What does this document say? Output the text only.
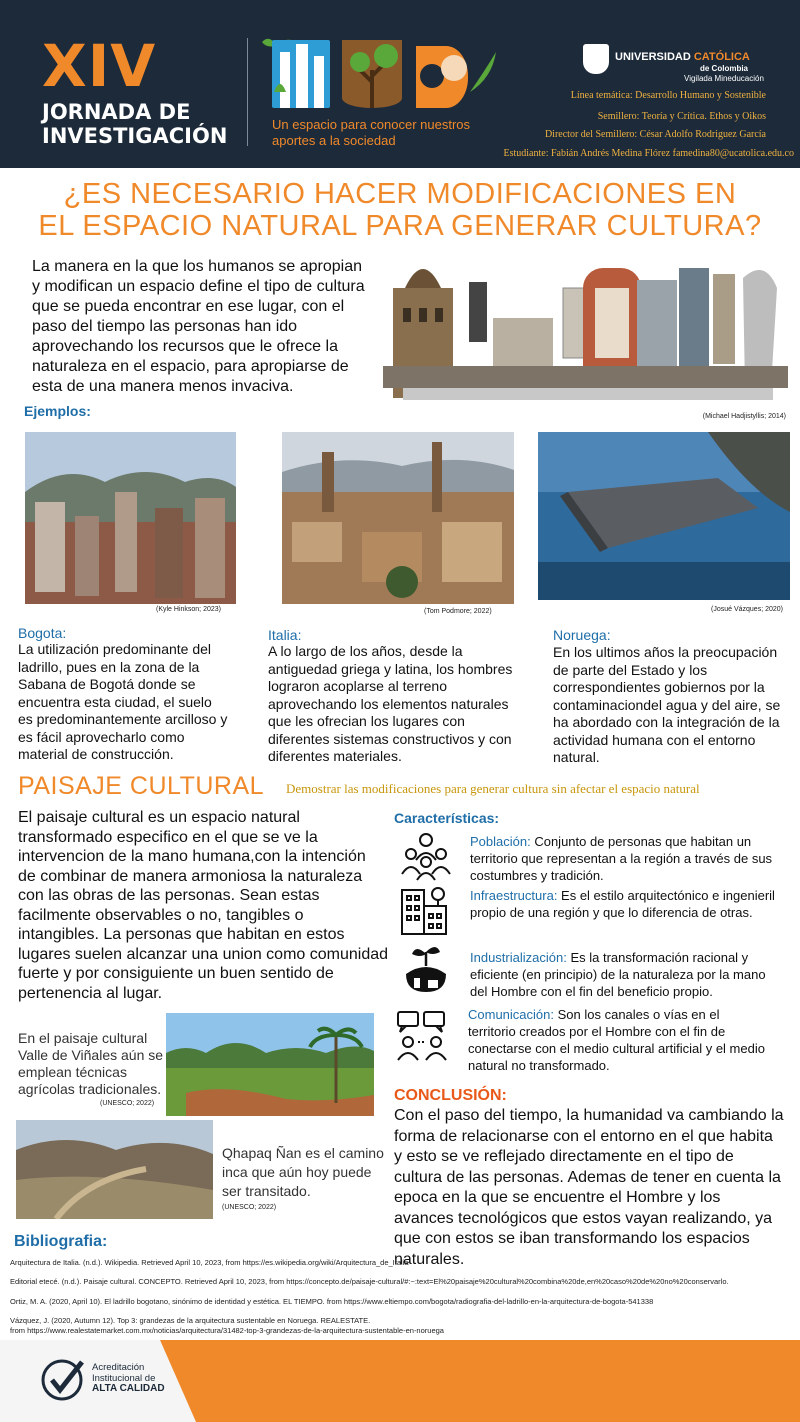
XIV
JORNADA DE INVESTIGACIÓN	Un espacio para conocer nuestros aportes a la sociedad
UNIVERSIDAD CATÓLICA
de Colombia
Vigilada Mineducación
Línea temática: Desarrollo Humano y Sostenible
Semillero: Teoría y Crítica. Ethos y Oikos
Director del Semillero: César Adolfo Rodriguez García
Estudiante: Fabián Andrés Medina Flórez famedina80@ucatolica.edu.co
¿ES NECESARIO HACER MODIFICACIONES EN
EL ESPACIO NATURAL PARA GENERAR CULTURA?
La manera en la que los humanos se apropian y modifican un espacio define el tipo de cultura que se pueda encontrar en ese lugar, con el paso del tiempo las personas han ido aprovechando los recursos que le ofrece la naturaleza en el espacio, para apropiarse de esta de una manera menos invaciva.
(Michael Hadjistyllis; 2014)
Ejemplos:
(Kyle Hinkson; 2023)	(Tom Podmore; 2022)	(Josué Vázques; 2020)
Bogota:
La utilización predominante del ladrillo, pues en la zona de la Sabana de Bogotá donde se encuentra esta ciudad, el suelo es predominantemente arcilloso y es fácil aprovecharlo como material de construcción.
Italia:
A lo largo de los años, desde la antiguedad griega y latina, los hombres lograron acoplarse al terreno aprovechando los elementos naturales que les ofrecian los lugares con diferentes sistemas constructivos y con diferentes materiales.
Noruega:
En los ultimos años la preocupación de parte del Estado y los correspondientes gobiernos por la contaminaciondel agua y del aire, se ha abordado con la integración de la actividad humana con el entorno natural.
PAISAJE CULTURAL Demostrar las modificaciones para generar cultura sin afectar el espacio natural
El paisaje cultural es un espacio natural transformado especifico en el que se ve la intervencion de la mano humana,con la intención de combinar de manera armoniosa la naturaleza con las obras de las personas. Sean estas facilmente observables o no, tangibles o intangibles. La personas que habitan en estos lugares suelen alcanzar una union como comunidad fuerte y por consiguiente un buen sentido de pertenencia al lugar.
En el paisaje cultural Valle de Viñales aún se emplean técnicas agrícolas tradicionales.
(UNESCO; 2022)
Qhapaq Ñan es el camino inca que aún hoy puede ser transitado.
(UNESCO; 2022)
Características:
Población: Conjunto de personas que habitan un territorio que representan a la región a través de sus costumbres y tradición.
Infraestructura: Es el estilo arquitectónico e ingenieril propio de una región y que lo diferencia de otras.
Industrialización: Es la transformación racional y eficiente (en principio) de la naturaleza por la mano del Hombre con el fin del beneficio propio.
Comunicación: Son los canales o vías en el territorio creados por el Hombre con el fin de conectarse con el medio cultural artificial y el medio natural no transformado.
CONCLUSIÓN:
Con el paso del tiempo, la humanidad va cambiando la forma de relacionarse con el entorno en el que habita y esto se ve reflejado directamente en el tipo de cultura de las personas. Ademas de tener en cuenta la epoca en la que se encuentre el Hombre y los avances tecnológicos que estos vayan realizando, ya que con estos se iban transformando los espacios naturales.
Bibliografia:
Arquitectura de Italia. (n.d.). Wikipedia. Retrieved April 10, 2023, from https://es.wikipedia.org/wiki/Arquitectura_de_Italia
Editorial etecé. (n.d.). Paisaje cultural. CONCEPTO. Retrieved April 10, 2023, from https://concepto.de/paisaje-cultural/#:~:text=El%20paisaje%20cultural%20combina%20de,en%20caso%20de%20no%20conservarlo.
Ortiz, M. A. (2020, April 10). El ladrillo bogotano, sinónimo de identidad y estética. EL TIEMPO. from https://www.eltiempo.com/bogota/radiografia-del-ladrillo-en-la-arquitectura-de-bogota-541338
Vázquez, J. (2020, Autumn 12). Top 3: grandezas de la arquitectura sustentable en Noruega. REALESTATE.
from https://www.realestatemarket.com.mx/noticias/arquitectura/31482-top-3-grandezas-de-la-arquitectura-sustentable-en-noruega
Acreditación
Institucional de
ALTA CALIDAD
